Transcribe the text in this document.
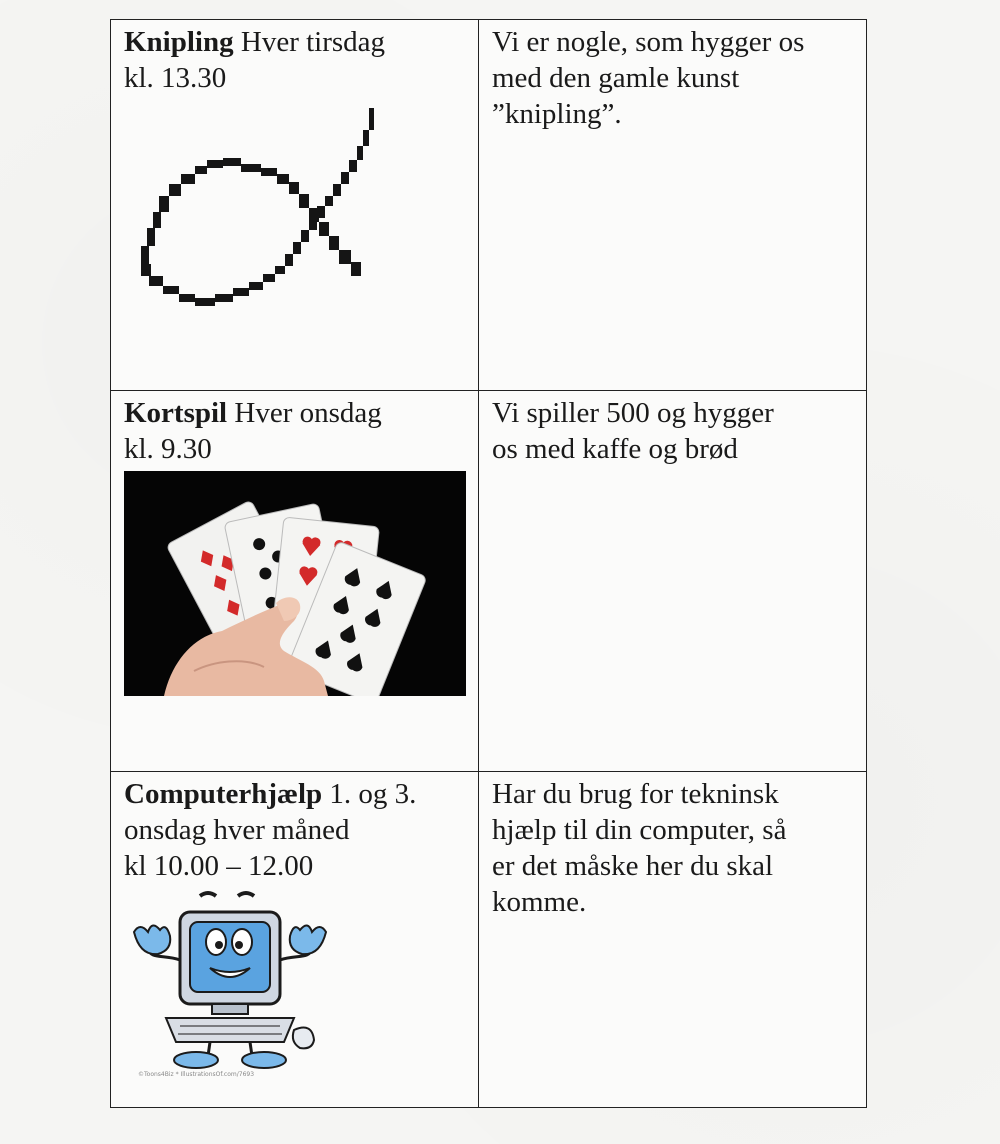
Knipling Hver tirsdag
kl. 13.30	Vi er nogle, som hygger os
med den gamle kunst
”knipling”.

Kortspil Hver onsdag
kl. 9.30	Vi spiller 500 og hygger
os med kaffe og brød

Computerhjælp 1. og 3.
onsdag hver måned
kl 10.00 – 12.00
©Toons4Biz * IllustrationsOf.com/7693	Har du brug for tekninsk
hjælp til din computer, så
er det måske her du skal
komme.
